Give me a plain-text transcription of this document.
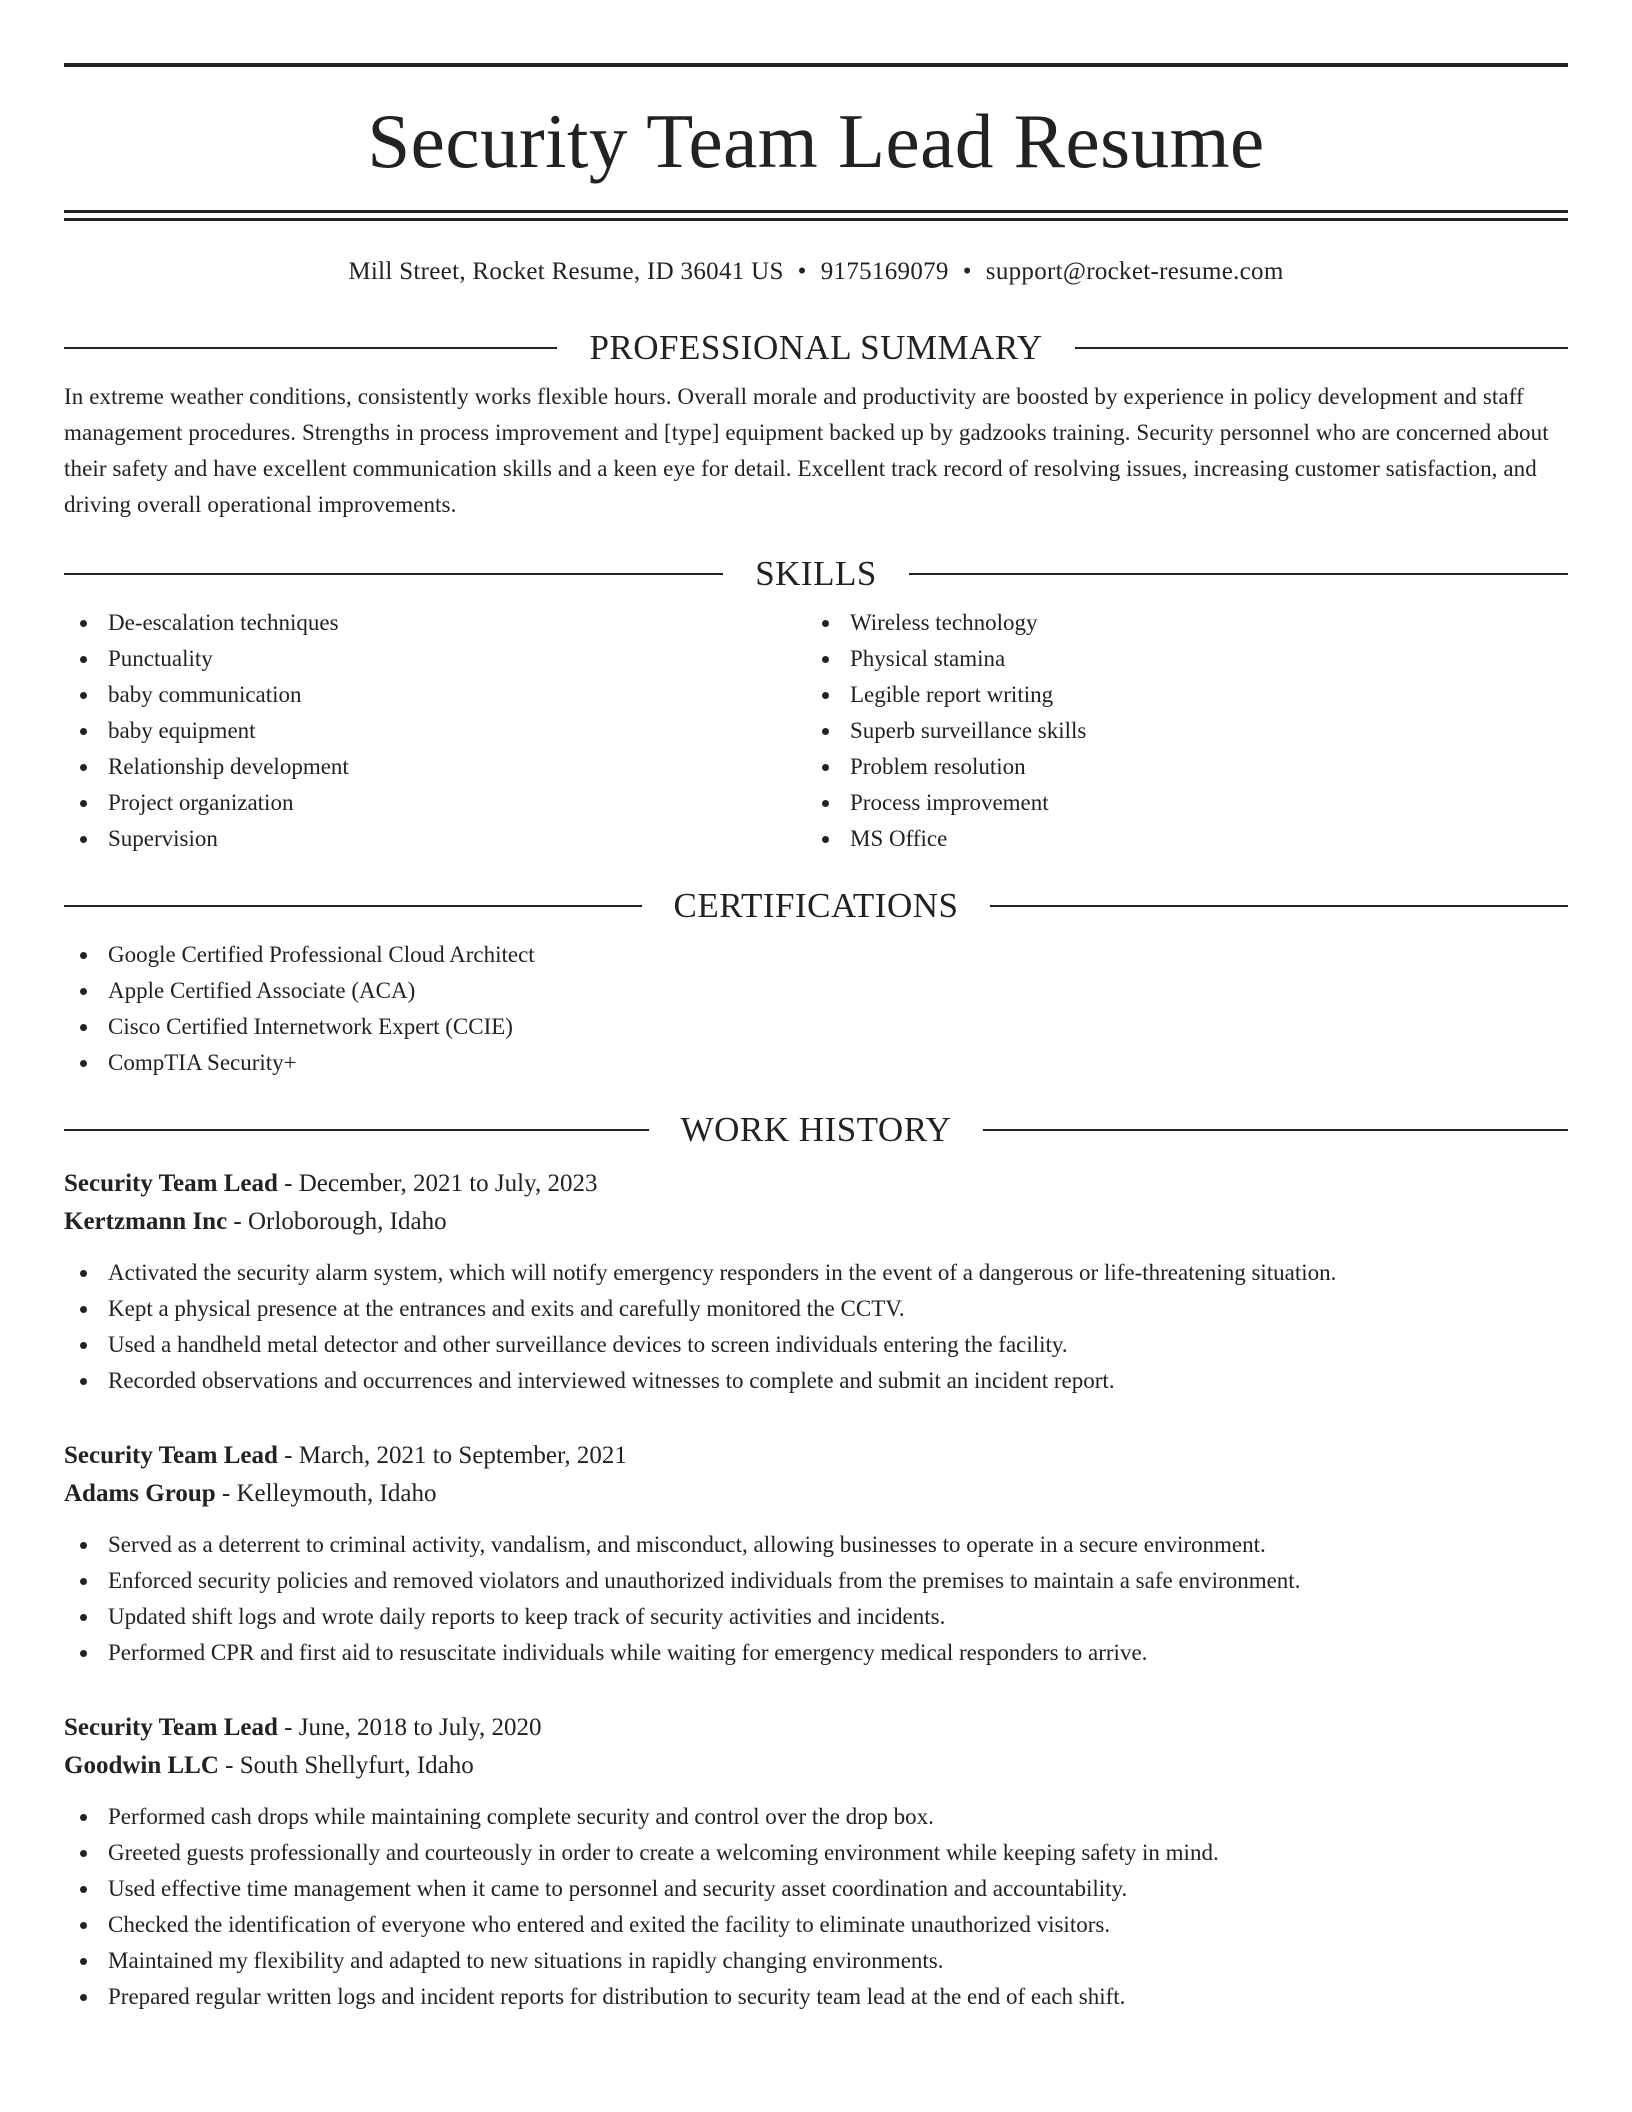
Security Team Lead Resume
Mill Street, Rocket Resume, ID 36041 US • 9175169079 • support@rocket-resume.com
PROFESSIONAL SUMMARY
In extreme weather conditions, consistently works flexible hours. Overall morale and productivity are boosted by experience in policy development and staff management procedures. Strengths in process improvement and [type] equipment backed up by gadzooks training. Security personnel who are concerned about their safety and have excellent communication skills and a keen eye for detail. Excellent track record of resolving issues, increasing customer satisfaction, and driving overall operational improvements.
SKILLS
De-escalation techniques
Punctuality
baby communication
baby equipment
Relationship development
Project organization
Supervision
Wireless technology
Physical stamina
Legible report writing
Superb surveillance skills
Problem resolution
Process improvement
MS Office
CERTIFICATIONS
Google Certified Professional Cloud Architect
Apple Certified Associate (ACA)
Cisco Certified Internetwork Expert (CCIE)
CompTIA Security+
WORK HISTORY
Security Team Lead - December, 2021 to July, 2023
Kertzmann Inc - Orloborough, Idaho
Activated the security alarm system, which will notify emergency responders in the event of a dangerous or life-threatening situation.
Kept a physical presence at the entrances and exits and carefully monitored the CCTV.
Used a handheld metal detector and other surveillance devices to screen individuals entering the facility.
Recorded observations and occurrences and interviewed witnesses to complete and submit an incident report.
Security Team Lead - March, 2021 to September, 2021
Adams Group - Kelleymouth, Idaho
Served as a deterrent to criminal activity, vandalism, and misconduct, allowing businesses to operate in a secure environment.
Enforced security policies and removed violators and unauthorized individuals from the premises to maintain a safe environment.
Updated shift logs and wrote daily reports to keep track of security activities and incidents.
Performed CPR and first aid to resuscitate individuals while waiting for emergency medical responders to arrive.
Security Team Lead - June, 2018 to July, 2020
Goodwin LLC - South Shellyfurt, Idaho
Performed cash drops while maintaining complete security and control over the drop box.
Greeted guests professionally and courteously in order to create a welcoming environment while keeping safety in mind.
Used effective time management when it came to personnel and security asset coordination and accountability.
Checked the identification of everyone who entered and exited the facility to eliminate unauthorized visitors.
Maintained my flexibility and adapted to new situations in rapidly changing environments.
Prepared regular written logs and incident reports for distribution to security team lead at the end of each shift.
